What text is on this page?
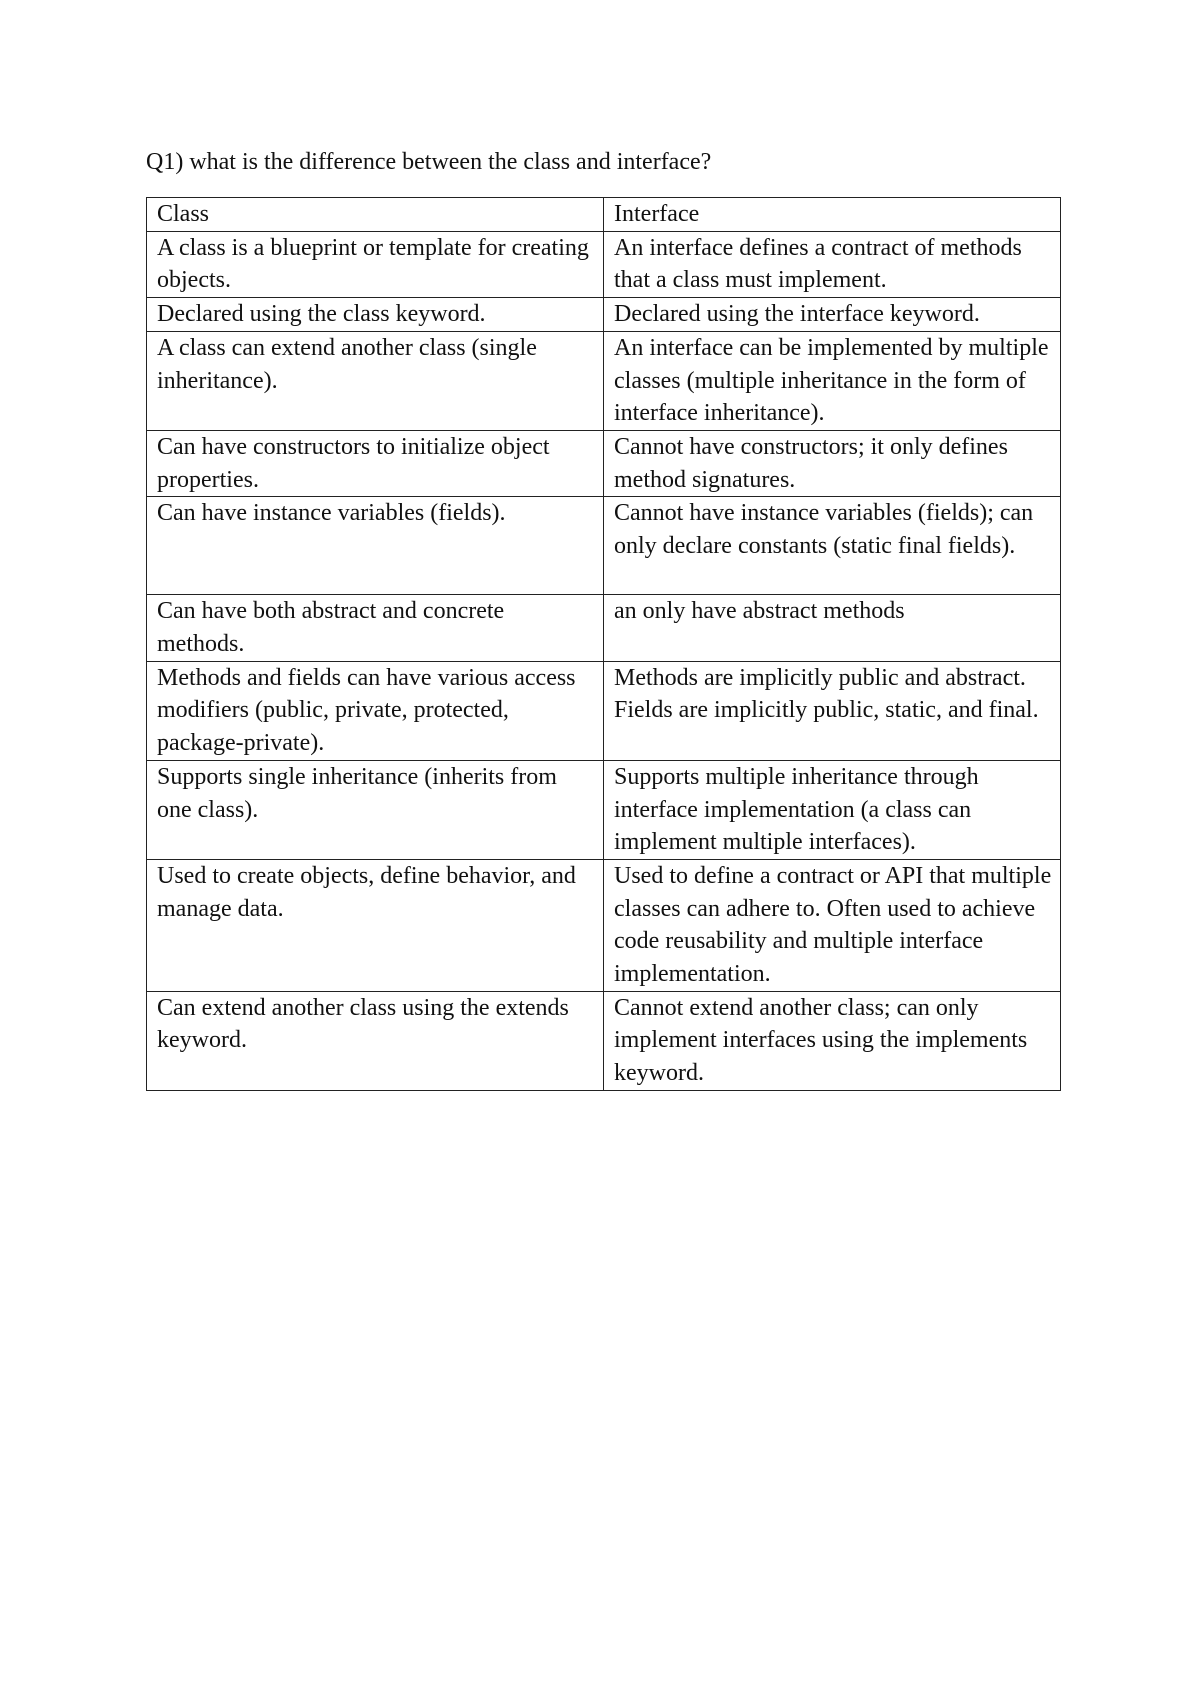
Q1) what is the difference between the class and interface?
Class	Interface
A class is a blueprint or template for creating objects.	An interface defines a contract of methods that a class must implement.
Declared using the class keyword.	Declared using the interface keyword.
A class can extend another class (single inheritance).	An interface can be implemented by multiple classes (multiple inheritance in the form of interface inheritance).
Can have constructors to initialize object properties.	Cannot have constructors; it only defines method signatures.
Can have instance variables (fields).	Cannot have instance variables (fields); can only declare constants (static final fields).
Can have both abstract and concrete methods.	an only have abstract methods
Methods and fields can have various access modifiers (public, private, protected, package-private).	Methods are implicitly public and abstract. Fields are implicitly public, static, and final.
Supports single inheritance (inherits from one class).	Supports multiple inheritance through interface implementation (a class can implement multiple interfaces).
Used to create objects, define behavior, and manage data.	Used to define a contract or API that multiple classes can adhere to. Often used to achieve code reusability and multiple interface implementation.
Can extend another class using the extends keyword.	Cannot extend another class; can only implement interfaces using the implements keyword.
